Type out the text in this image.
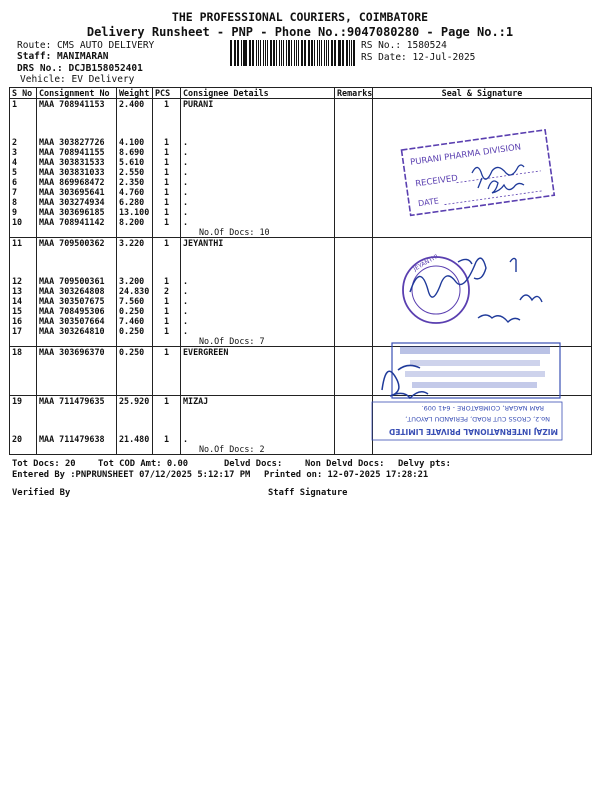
THE PROFESSIONAL COURIERS, COIMBATORE
Delivery Runsheet - PNP - Phone No.:9047080280 - Page No.:1
Route: CMS AUTO DELIVERY
Staff: MANIMARAN
DRS No.: DCJB158052401
Vehicle: EV Delivery
RS No.: 1580524
RS Date: 12-Jul-2025
S No	Consignment No	Weight	PCS	Consignee Details	Remarks	Seal & Signature
1	MAA 708941153	2.400	1	PURANI		

2	MAA 303827726	4.100	1	.		
3	MAA 708941155	8.690	1	.		
4	MAA 303831533	5.610	1	.		
5	MAA 303831033	2.550	1	.		
6	MAA 869968472	2.350	1	.		
7	MAA 303695641	4.760	1	.		
8	MAA 303274934	6.280	1	.		
9	MAA 303696185	13.100	1	.		
10	MAA 708941142	8.200	1	.		
				No.Of Docs: 10		
11	MAA 709500362	3.220	1	JEYANTHI		

12	MAA 709500361	3.200	1	.		
13	MAA 303264808	24.830	2	.		
14	MAA 303507675	7.560	1	.		
15	MAA 708495306	0.250	1	.		
16	MAA 303507664	7.460	1	.		
17	MAA 303264810	0.250	1	.		
				No.Of Docs: 7		
18	MAA 303696370	0.250	1	EVERGREEN		

19	MAA 711479635	25.920	1	MIZAJ		

20	MAA 711479638	21.480	1	.		
				No.Of Docs: 2		
Tot Docs: 20	Tot COD Amt: 0.00	Delvd Docs:	Non Delvd Docs: Delvy pts:
Entered By :PNPRUNSHEET 07/12/2025 5:12:17 PM Printed on: 12-07-2025 17:28:21
Verified By	Staff Signature
PURANI PHARMA DIVISION
RECEIVED
DATE
JEYANTHI
MIZAJ INTERNATIONAL PRIVATE LIMITED
No.2, CROSS CUT ROAD, PERIANDU LAYOUT,
RAM NAGAR, COIMBATORE - 641 009.
